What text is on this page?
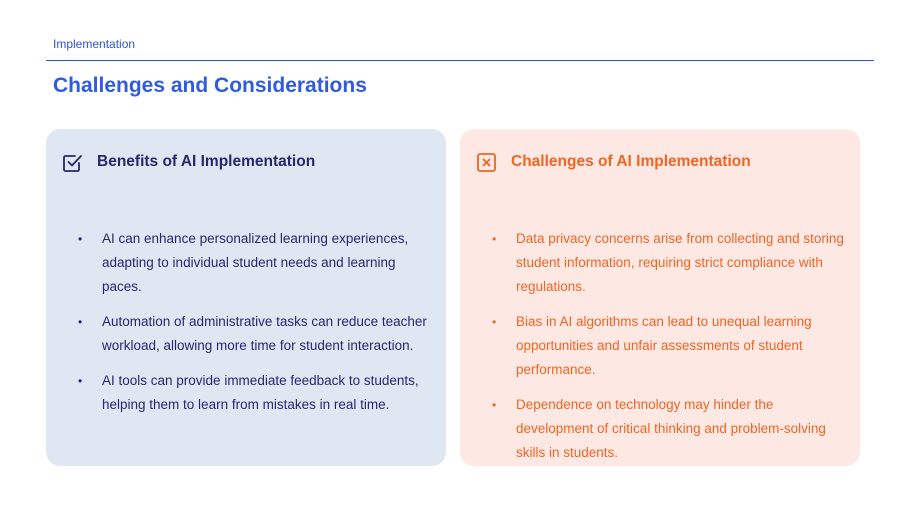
Implementation
Challenges and Considerations
Benefits of AI Implementation
• AI can enhance personalized learning experiences, adapting to individual student needs and learning paces.
• Automation of administrative tasks can reduce teacher workload, allowing more time for student interaction.
• AI tools can provide immediate feedback to students, helping them to learn from mistakes in real time.
Challenges of AI Implementation
• Data privacy concerns arise from collecting and storing student information, requiring strict compliance with regulations.
• Bias in AI algorithms can lead to unequal learning opportunities and unfair assessments of student performance.
• Dependence on technology may hinder the development of critical thinking and problem-solving skills in students.
